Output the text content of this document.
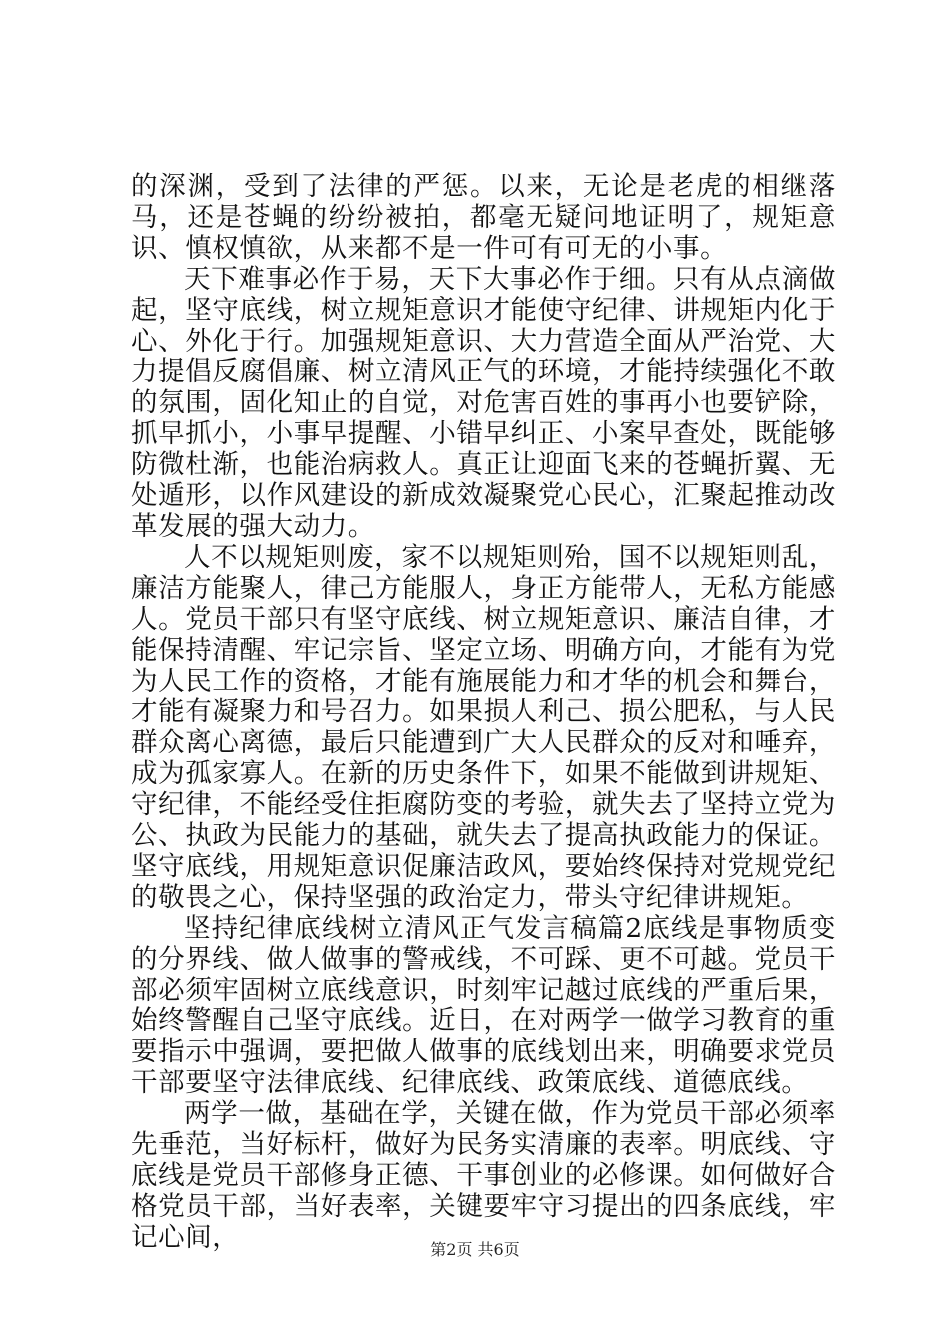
的深渊，受到了法律的严惩。以来，无论是老虎的相继落马，还是苍蝇的纷纷被拍，都毫无疑问地证明了，规矩意识、慎权慎欲，从来都不是一件可有可无的小事。

天下难事必作于易，天下大事必作于细。只有从点滴做起，坚守底线，树立规矩意识才能使守纪律、讲规矩内化于心、外化于行。加强规矩意识、大力营造全面从严治党、大力提倡反腐倡廉、树立清风正气的环境，才能持续强化不敢的氛围，固化知止的自觉，对危害百姓的事再小也要铲除，抓早抓小，小事早提醒、小错早纠正、小案早查处，既能够防微杜渐，也能治病救人。真正让迎面飞来的苍蝇折翼、无处遁形，以作风建设的新成效凝聚党心民心，汇聚起推动改革发展的强大动力。

人不以规矩则废，家不以规矩则殆，国不以规矩则乱，廉洁方能聚人，律己方能服人，身正方能带人，无私方能感人。党员干部只有坚守底线、树立规矩意识、廉洁自律，才能保持清醒、牢记宗旨、坚定立场、明确方向，才能有为党为人民工作的资格，才能有施展能力和才华的机会和舞台，才能有凝聚力和号召力。如果损人利己、损公肥私，与人民群众离心离德，最后只能遭到广大人民群众的反对和唾弃，成为孤家寡人。在新的历史条件下，如果不能做到讲规矩、守纪律，不能经受住拒腐防变的考验，就失去了坚持立党为公、执政为民能力的基础，就失去了提高执政能力的保证。坚守底线，用规矩意识促廉洁政风，要始终保持对党规党纪的敬畏之心，保持坚强的政治定力，带头守纪律讲规矩。

坚持纪律底线树立清风正气发言稿篇2底线是事物质变的分界线、做人做事的警戒线，不可踩、更不可越。党员干部必须牢固树立底线意识，时刻牢记越过底线的严重后果，始终警醒自己坚守底线。近日，在对两学一做学习教育的重要指示中强调，要把做人做事的底线划出来，明确要求党员干部要坚守法律底线、纪律底线、政策底线、道德底线。

两学一做，基础在学，关键在做，作为党员干部必须率先垂范，当好标杆，做好为民务实清廉的表率。明底线、守底线是党员干部修身正德、干事创业的必修课。如何做好合格党员干部，当好表率，关键要牢守习提出的四条底线，牢记心间，	第2页 共6页
